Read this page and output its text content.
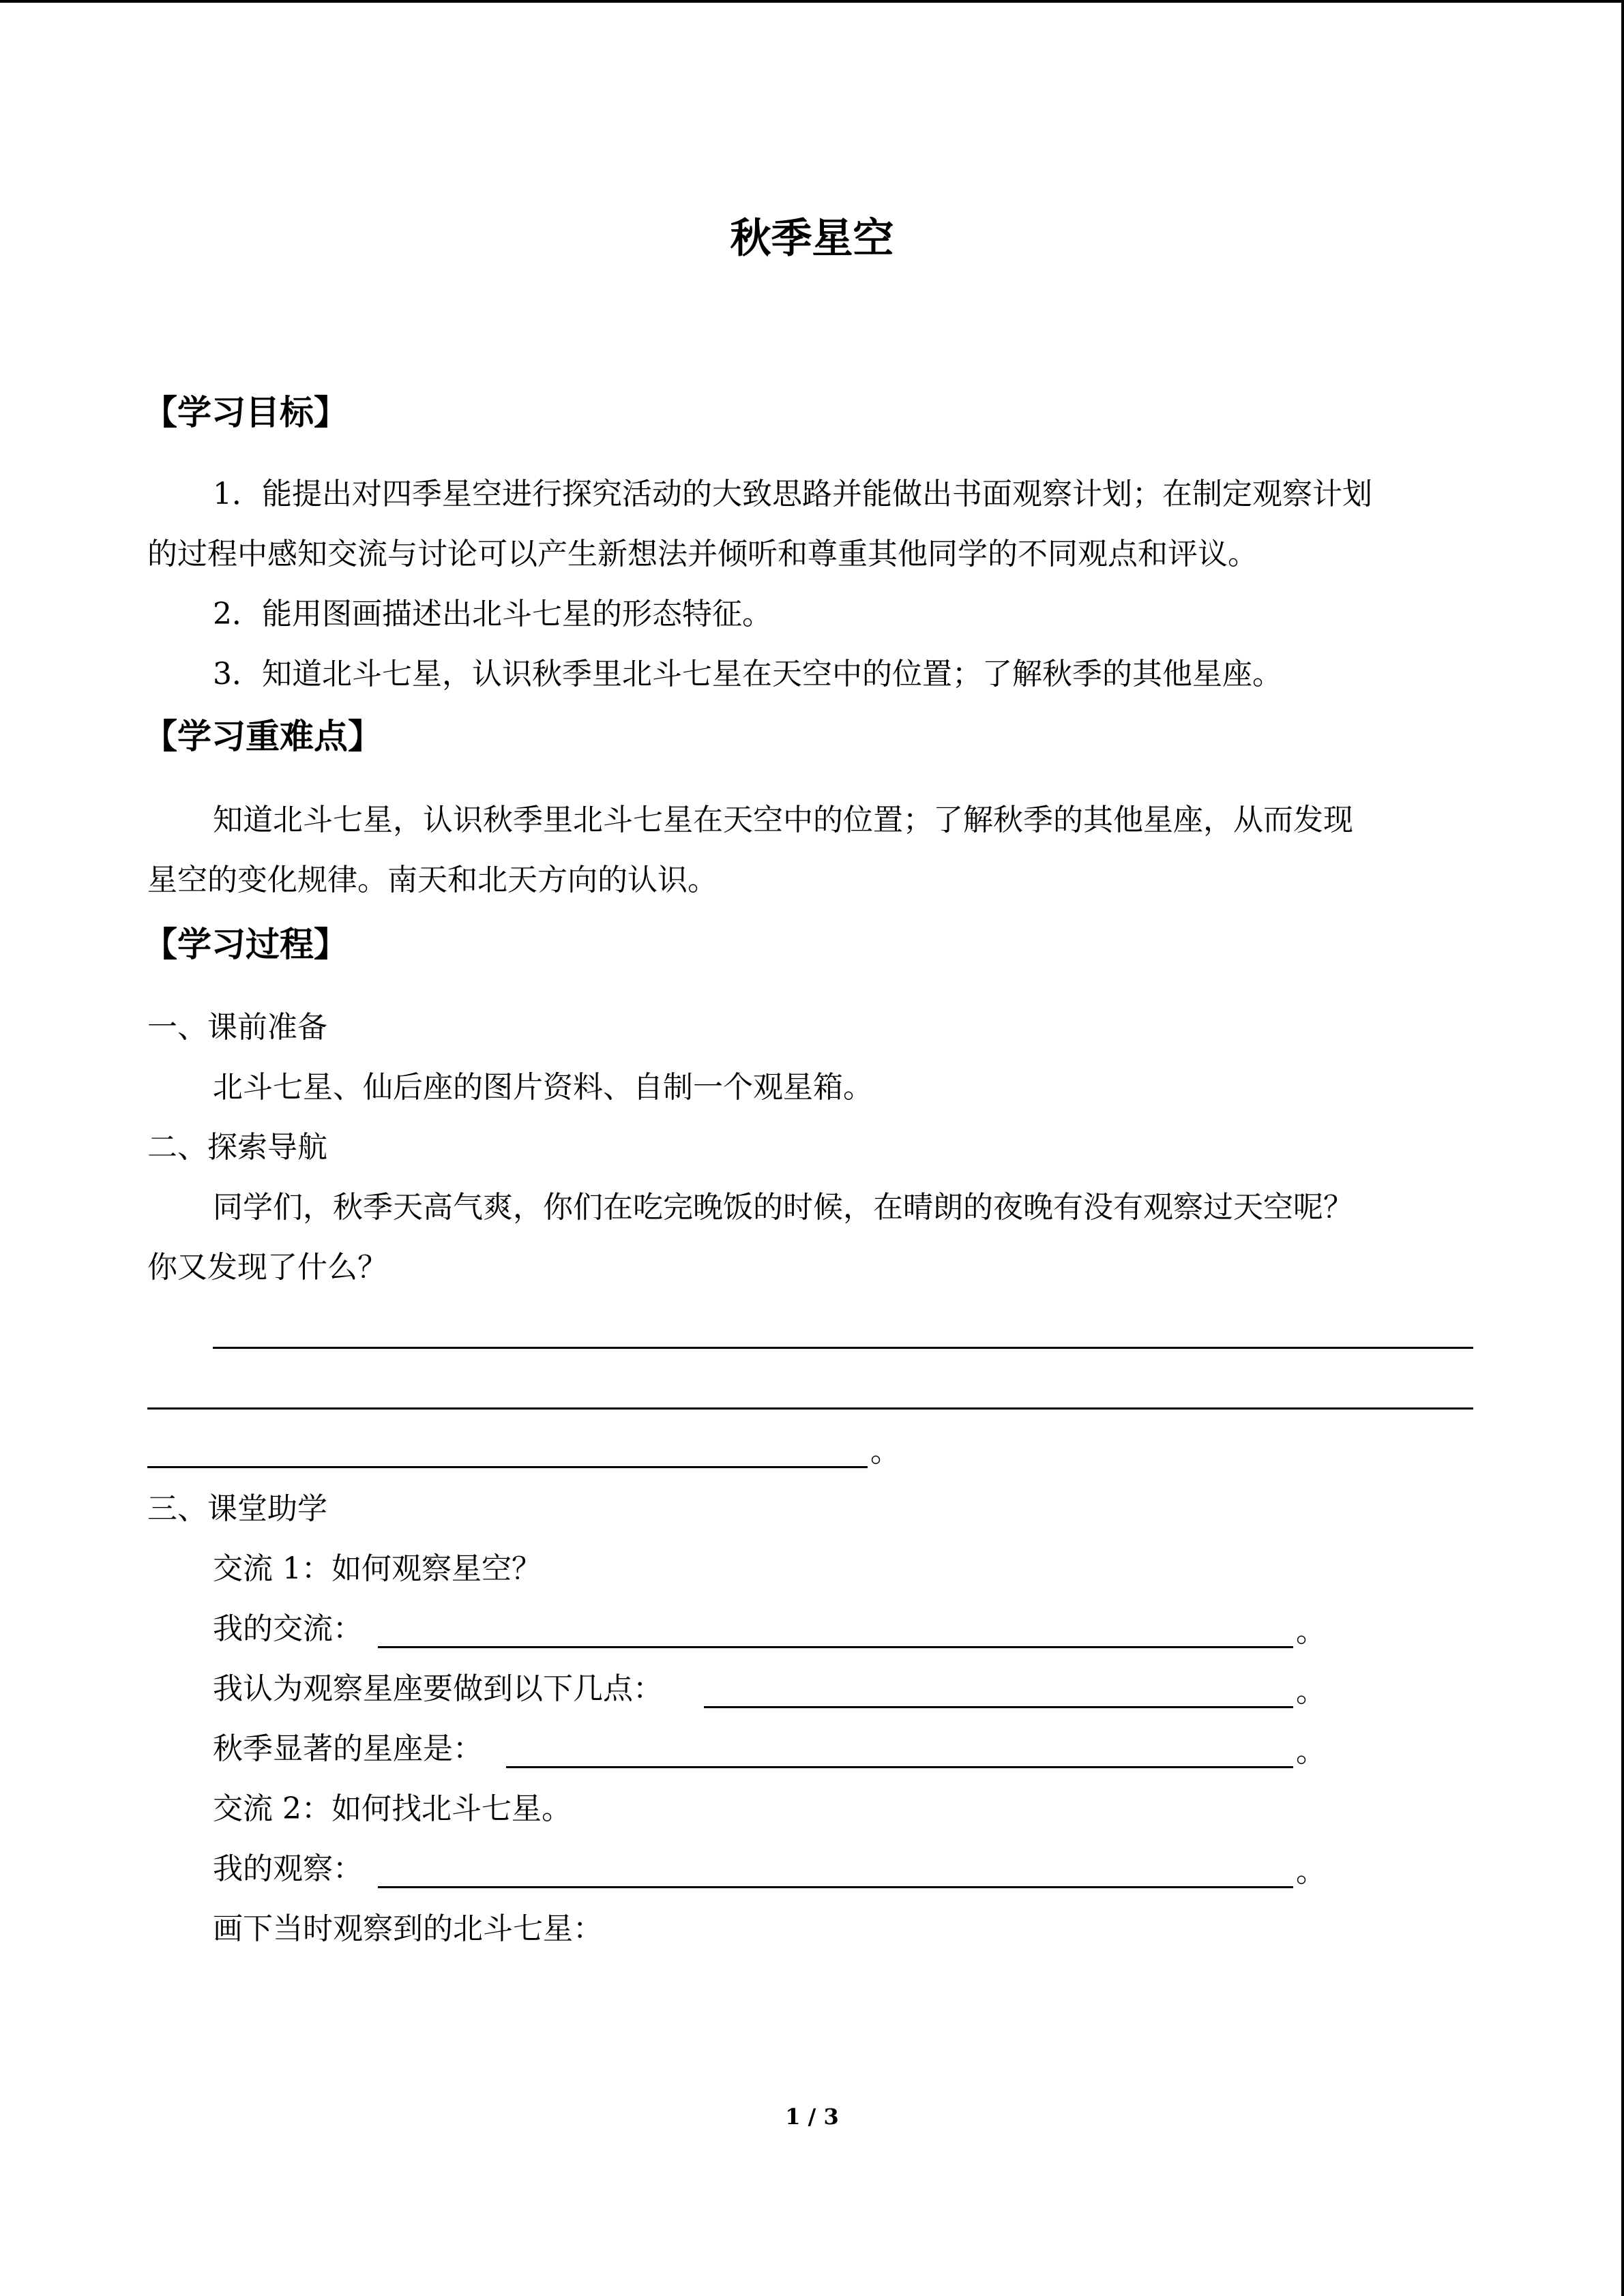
秋季星空
【学习目标】
1．能提出对四季星空进行探究活动的大致思路并能做出书面观察计划；在制定观察计划
的过程中感知交流与讨论可以产生新想法并倾听和尊重其他同学的不同观点和评议。
2．能用图画描述出北斗七星的形态特征。
3．知道北斗七星，认识秋季里北斗七星在天空中的位置；了解秋季的其他星座。
【学习重难点】
知道北斗七星，认识秋季里北斗七星在天空中的位置；了解秋季的其他星座，从而发现
星空的变化规律。南天和北天方向的认识。
【学习过程】
一、课前准备
北斗七星、仙后座的图片资料、自制一个观星箱。
二、探索导航
同学们，秋季天高气爽，你们在吃完晚饭的时候，在晴朗的夜晚有没有观察过天空呢？
你又发现了什么？
。
三、课堂助学
交流 1：如何观察星空？
我的交流：	。
我认为观察星座要做到以下几点：	。
秋季显著的星座是：	。
交流 2：如何找北斗七星。
我的观察：	。
画下当时观察到的北斗七星：
1 / 3
